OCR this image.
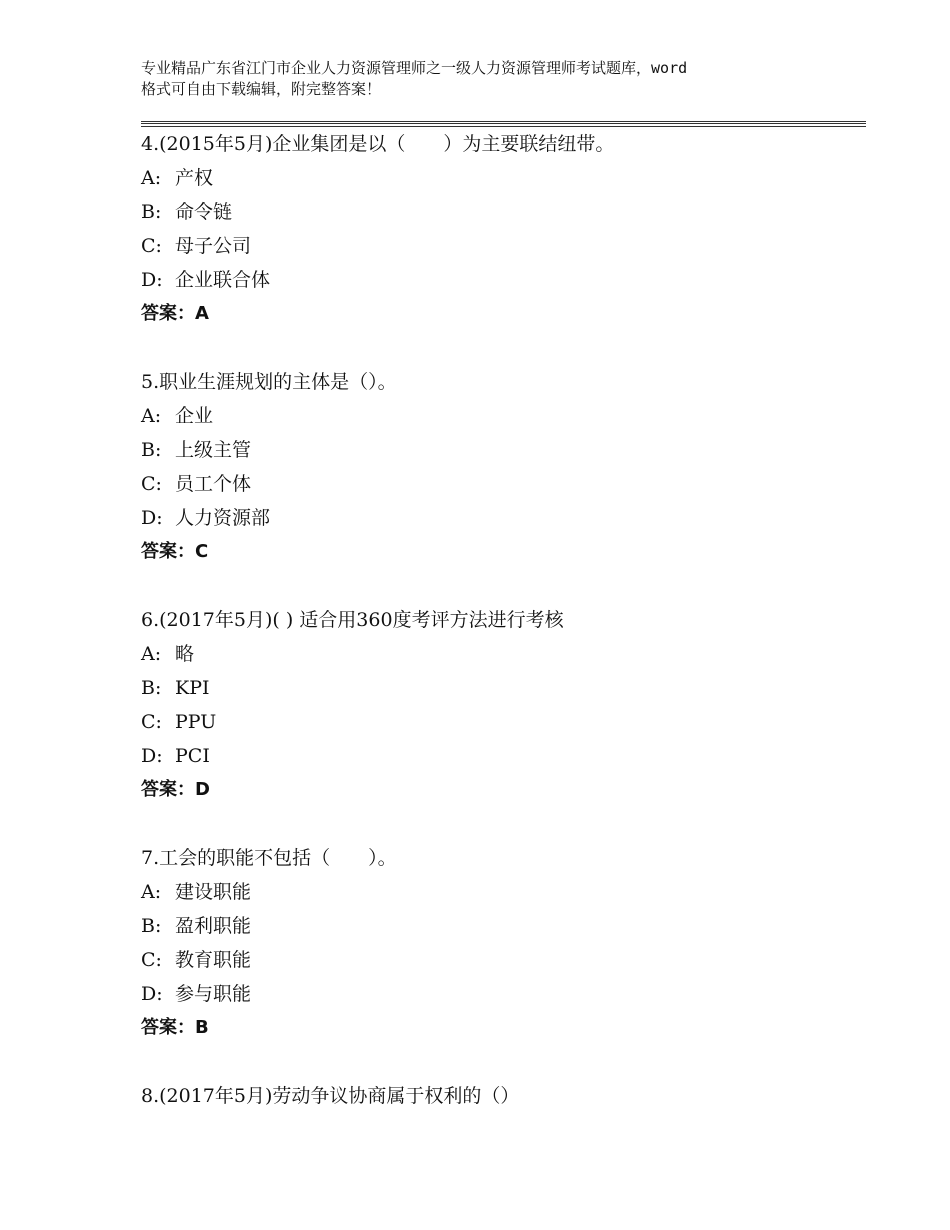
专业精品广东省江门市企业人力资源管理师之一级人力资源管理师考试题库，word
格式可自由下载编辑，附完整答案！
4.(2015年5月)企业集团是以（　　）为主要联结纽带。
A: 产权
B: 命令链
C: 母子公司
D: 企业联合体
答案：A
5.职业生涯规划的主体是（）。
A: 企业
B: 上级主管
C: 员工个体
D: 人力资源部
答案：C
6.(2017年5月)( ) 适合用360度考评方法进行考核
A: 略
B: KPI
C: PPU
D: PCI
答案：D
7.工会的职能不包括（　　）。
A: 建设职能
B: 盈利职能
C: 教育职能
D: 参与职能
答案：B
8.(2017年5月)劳动争议协商属于权利的（）
